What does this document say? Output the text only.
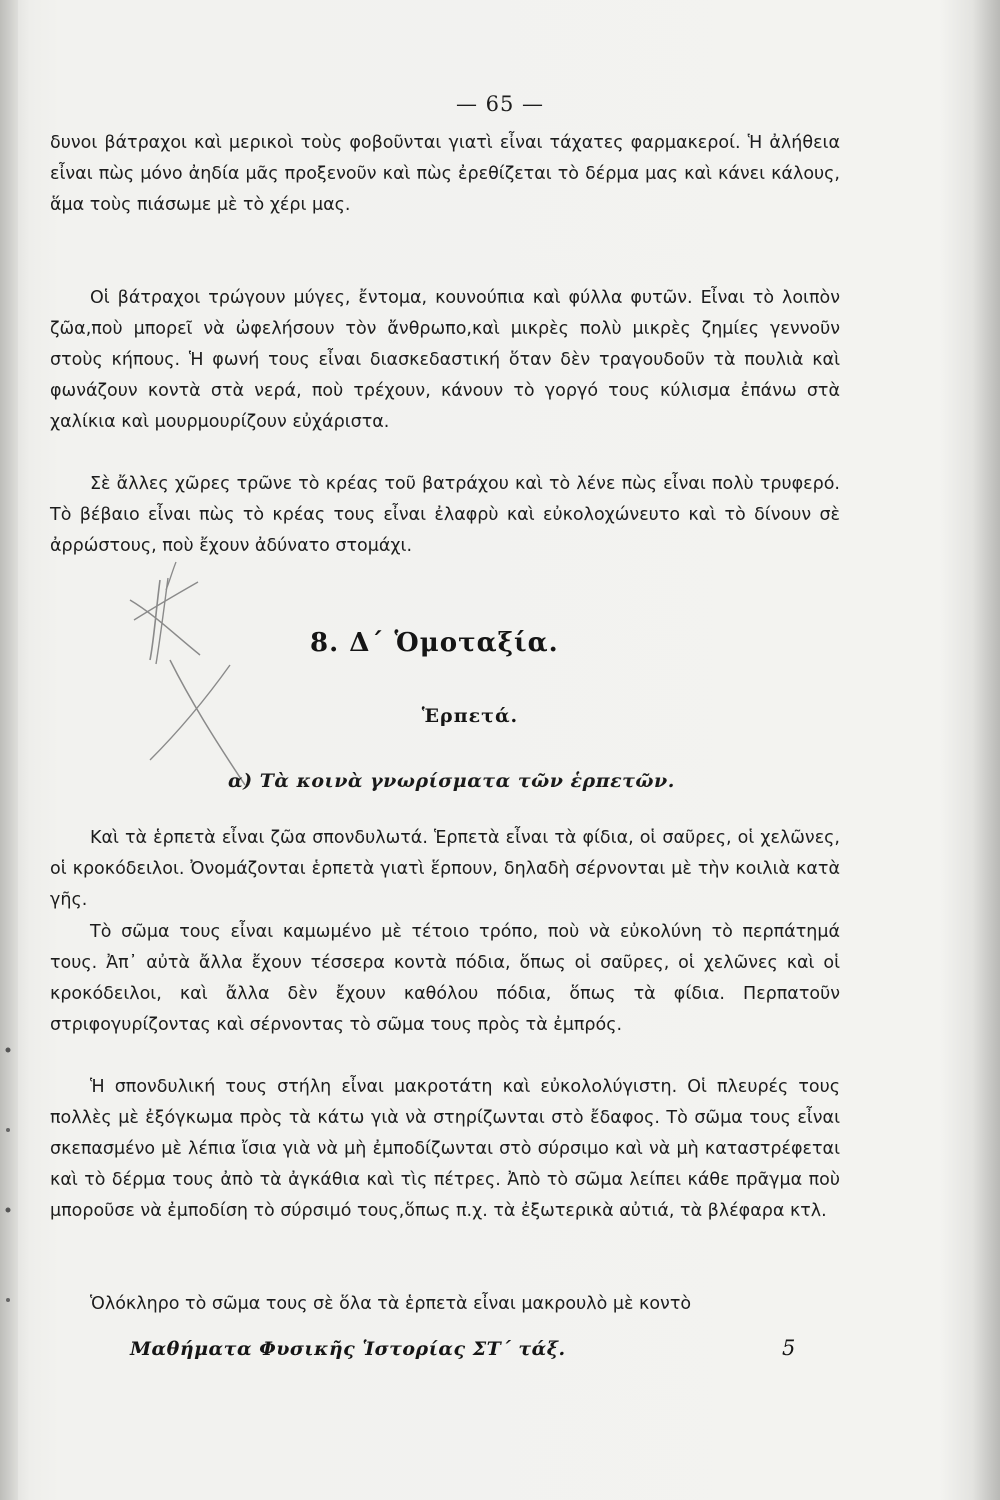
— 65 —

δυνοι βάτραχοι καὶ μερικοὶ τοὺς φοβοῦνται γιατὶ εἶναι τάχατες φαρμακεροί. Ἡ ἀλήθεια εἶναι πὼς μόνο ἀηδία μᾶς προξενοῦν καὶ πὼς ἐρεθίζεται τὸ δέρμα μας καὶ κάνει κάλους, ἅμα τοὺς πιάσωμε μὲ τὸ χέρι μας.

Οἱ βάτραχοι τρώγουν μύγες, ἔντομα, κουνούπια καὶ φύλλα φυτῶν. Εἶναι τὸ λοιπὸν ζῶα,ποὺ μπορεῖ νὰ ὠφελήσουν τὸν ἄνθρωπο,καὶ μικρὲς πολὺ μικρὲς ζημίες γεννοῦν στοὺς κήπους. Ἡ φωνή τους εἶναι διασκεδαστική ὅταν δὲν τραγουδοῦν τὰ πουλιὰ καὶ φωνάζουν κοντὰ στὰ νερά, ποὺ τρέχουν, κάνουν τὸ γοργό τους κύλισμα ἐπάνω στὰ χαλίκια καὶ μουρμουρίζουν εὐχάριστα.

Σὲ ἄλλες χῶρες τρῶνε τὸ κρέας τοῦ βατράχου καὶ τὸ λένε πὼς εἶναι πολὺ τρυφερό. Τὸ βέβαιο εἶναι πὼς τὸ κρέας τους εἶναι ἐλαφρὺ καὶ εὐκολοχώνευτο καὶ τὸ δίνουν σὲ ἀρρώστους, ποὺ ἔχουν ἀδύνατο στομάχι.

8. Δ΄ Ὁμοταξία.
Ἑρπετά.
α) Τὰ κοινὰ γνωρίσματα τῶν ἑρπετῶν.

Καὶ τὰ ἑρπετὰ εἶναι ζῶα σπονδυλωτά. Ἑρπετὰ εἶναι τὰ φίδια, οἱ σαῦρες, οἱ χελῶνες, οἱ κροκόδειλοι. Ὀνομάζονται ἑρπετὰ γιατὶ ἕρπουν, δηλαδὴ σέρνονται μὲ τὴν κοιλιὰ κατὰ γῆς.

Τὸ σῶμα τους εἶναι καμωμένο μὲ τέτοιο τρόπο, ποὺ νὰ εὐκολύνη τὸ περπάτημά τους. Ἀπ᾽ αὐτὰ ἄλλα ἔχουν τέσσερα κοντὰ πόδια, ὅπως οἱ σαῦρες, οἱ χελῶνες καὶ οἱ κροκόδειλοι, καὶ ἄλλα δὲν ἔχουν καθόλου πόδια, ὅπως τὰ φίδια. Περπατοῦν στριφογυρίζοντας καὶ σέρνοντας τὸ σῶμα τους πρὸς τὰ ἐμπρός.

Ἡ σπονδυλική τους στήλη εἶναι μακροτάτη καὶ εὐκολολύγιστη. Οἱ πλευρές τους πολλὲς μὲ ἐξόγκωμα πρὸς τὰ κάτω γιὰ νὰ στηρίζωνται στὸ ἔδαφος. Τὸ σῶμα τους εἶναι σκεπασμένο μὲ λέπια ἴσια γιὰ νὰ μὴ ἐμποδίζωνται στὸ σύρσιμο καὶ νὰ μὴ καταστρέφεται καὶ τὸ δέρμα τους ἀπὸ τὰ ἀγκάθια καὶ τὶς πέτρες. Ἀπὸ τὸ σῶμα λείπει κάθε πρᾶγμα ποὺ μποροῦσε νὰ ἐμποδίση τὸ σύρσιμό τους,ὅπως π.χ. τὰ ἐξωτερικὰ αὐτιά, τὰ βλέφαρα κτλ.

Ὁλόκληρο τὸ σῶμα τους σὲ ὅλα τὰ ἑρπετὰ εἶναι μακρουλὸ μὲ κοντὸ

Μαθήματα Φυσικῆς Ἱστορίας ΣΤ΄ τάξ.	5
